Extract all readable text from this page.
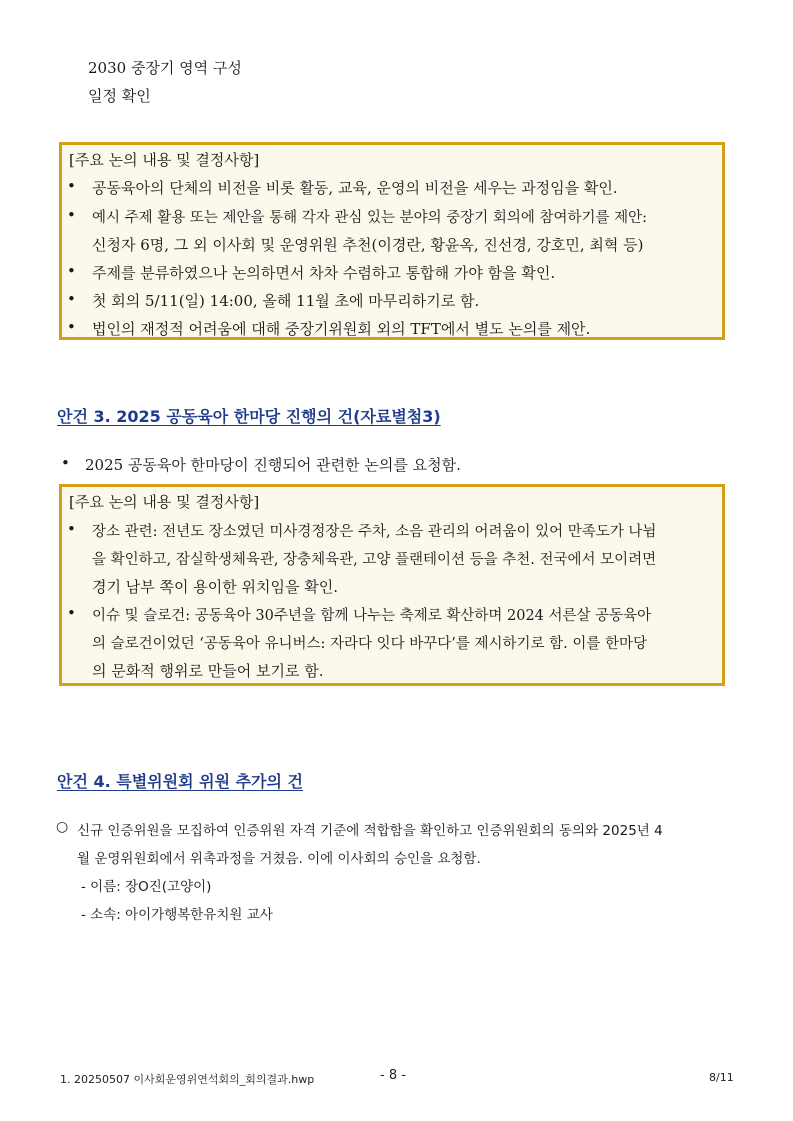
2030 중장기 영역 구성
일정 확인
[주요 논의 내용 및 결정사항]
• 공동육아의 단체의 비전을 비롯 활동, 교육, 운영의 비전을 세우는 과정임을 확인.
• 예시 주제 활용 또는 제안을 통해 각자 관심 있는 분야의 중장기 회의에 참여하기를 제안:
신청자 6명, 그 외 이사회 및 운영위원 추천(이경란, 황윤옥, 진선경, 강호민, 최혁 등)
• 주제를 분류하였으나 논의하면서 차차 수렴하고 통합해 가야 함을 확인.
• 첫 회의 5/11(일) 14:00, 올해 11월 초에 마무리하기로 함.
• 법인의 재정적 어려움에 대해 중장기위원회 외의 TFT에서 별도 논의를 제안.
안건 3. 2025 공동육아 한마당 진행의 건(자료별첨3)
• 2025 공동육아 한마당이 진행되어 관련한 논의를 요청함.
[주요 논의 내용 및 결정사항]
• 장소 관련: 전년도 장소였던 미사경정장은 주차, 소음 관리의 어려움이 있어 만족도가 나뉨
을 확인하고, 잠실학생체육관, 장충체육관, 고양 플랜테이션 등을 추천. 전국에서 모이려면
경기 남부 쪽이 용이한 위치임을 확인.
• 이슈 및 슬로건: 공동육아 30주년을 함께 나누는 축제로 확산하며 2024 서른살 공동육아
의 슬로건이었던 ‘공동육아 유니버스: 자라다 잇다 바꾸다’를 제시하기로 함. 이를 한마당
의 문화적 행위로 만들어 보기로 함.
안건 4. 특별위원회 위원 추가의 건
○ 신규 인증위원을 모집하여 인증위원 자격 기준에 적합함을 확인하고 인증위원회의 동의와 2025년 4
월 운영위원회에서 위촉과정을 거쳤음. 이에 이사회의 승인을 요청함.
- 이름: 장O진(고양이)
- 소속: 아이가행복한유치원 교사
1. 20250507 이사회운영위연석회의_회의결과.hwp	- 8 -	8/11
